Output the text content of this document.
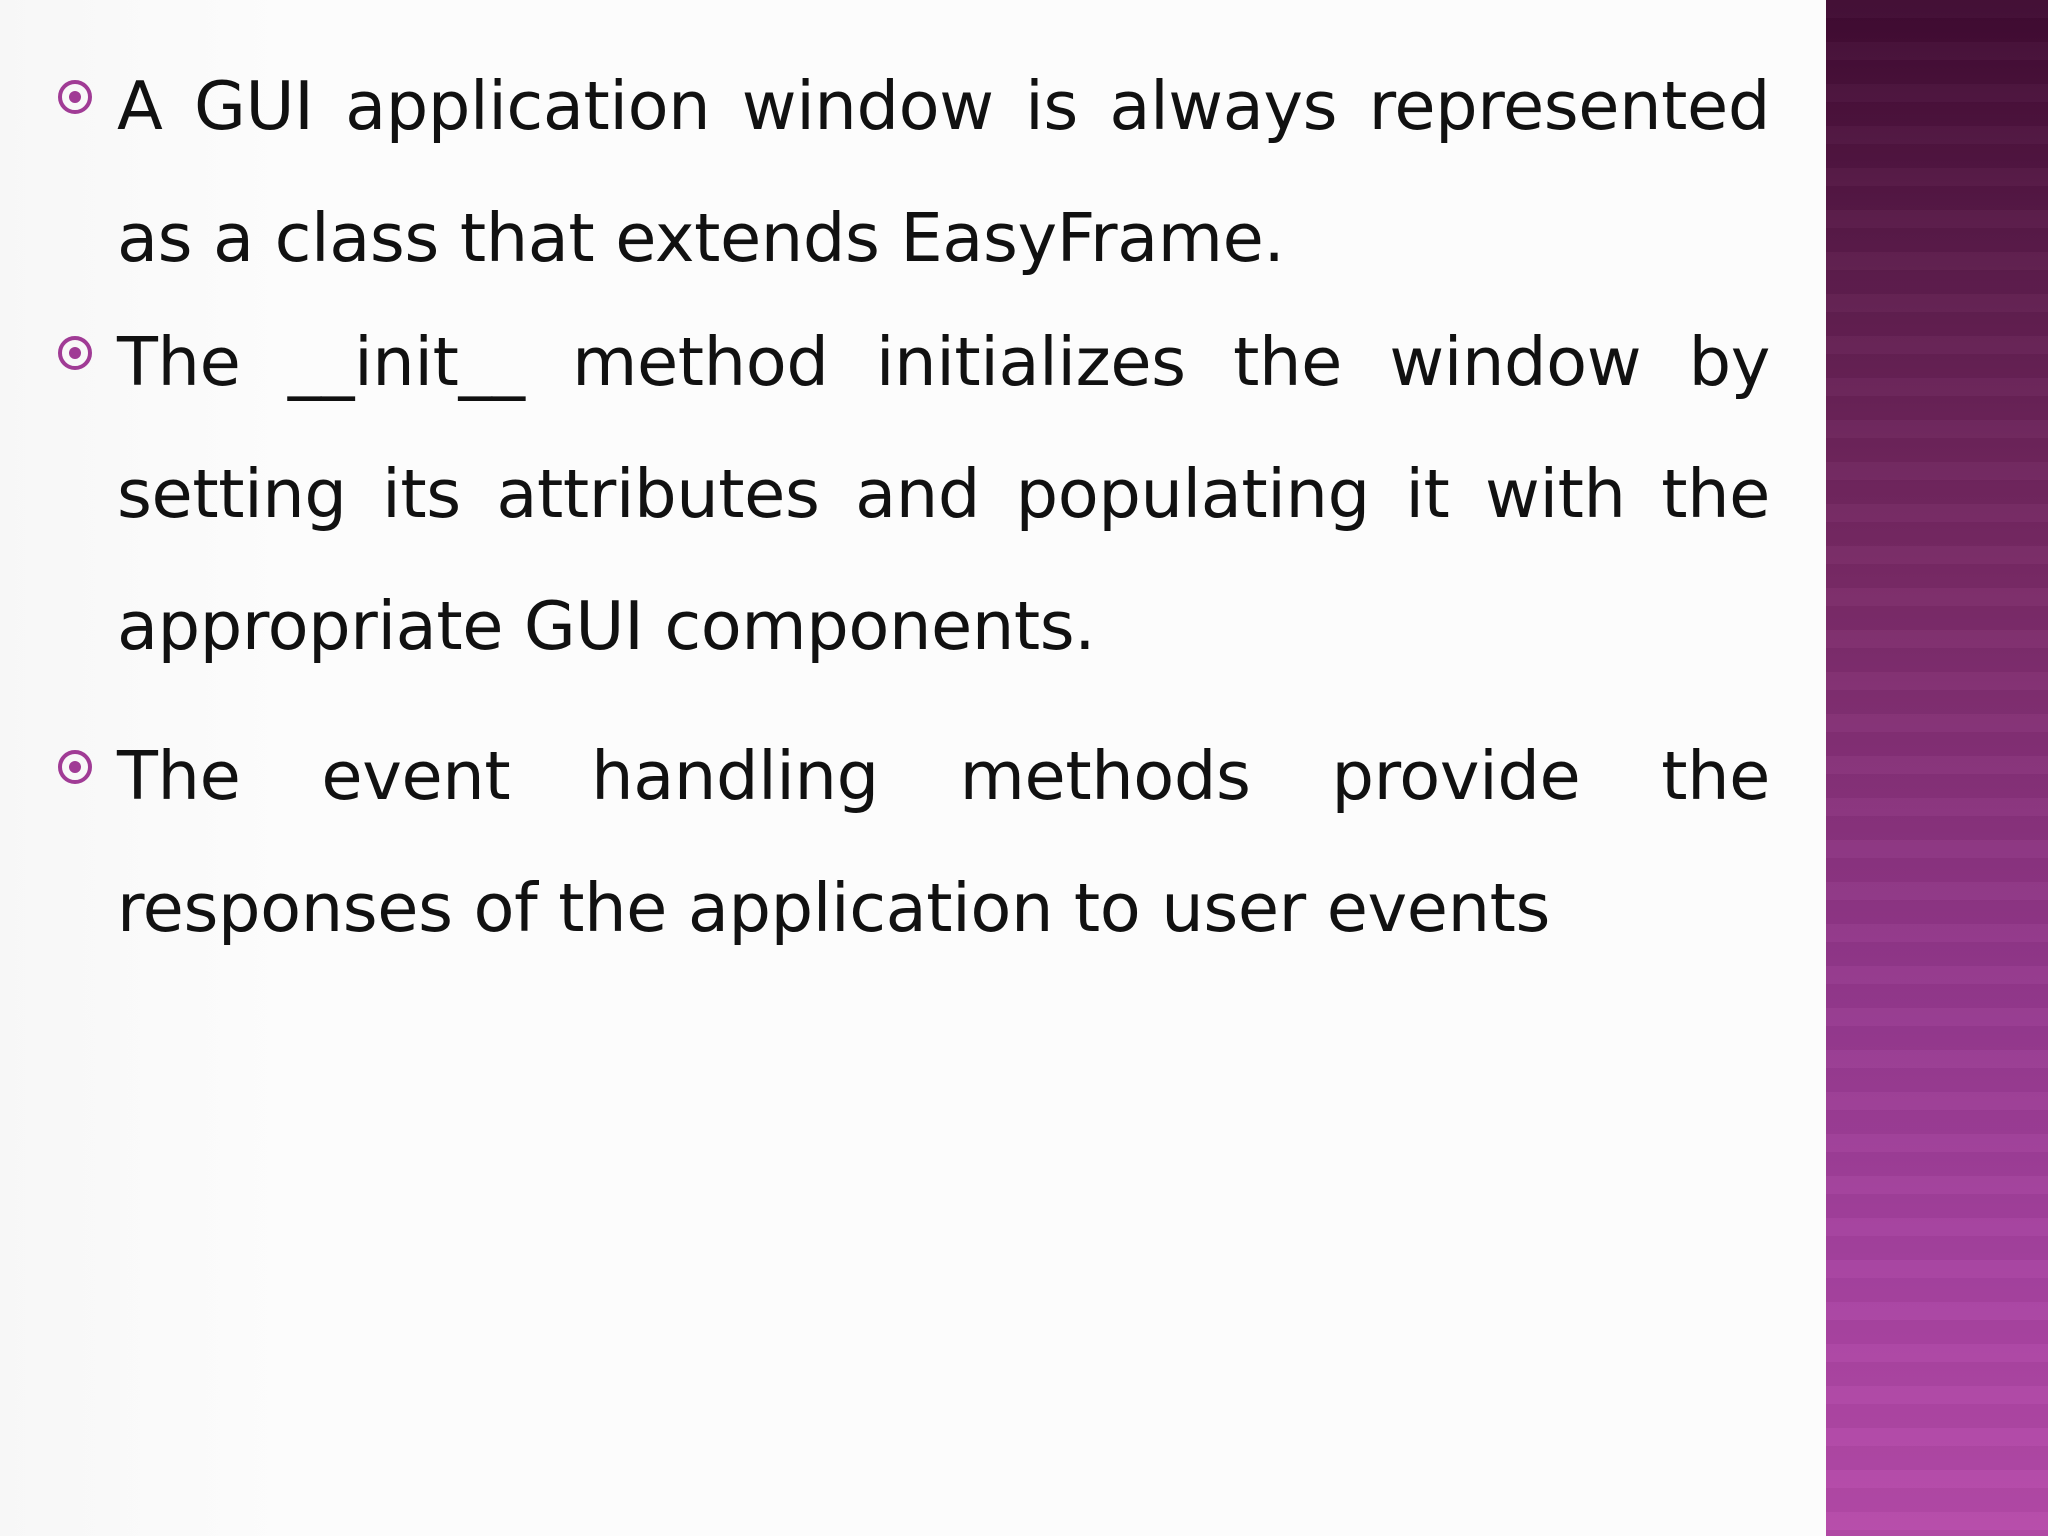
A GUI application window is always represented as a class that extends EasyFrame.

The __init__ method initializes the window by setting its attributes and populating it with the appropriate GUI components.

The event handling methods provide the responses of the application to user events
